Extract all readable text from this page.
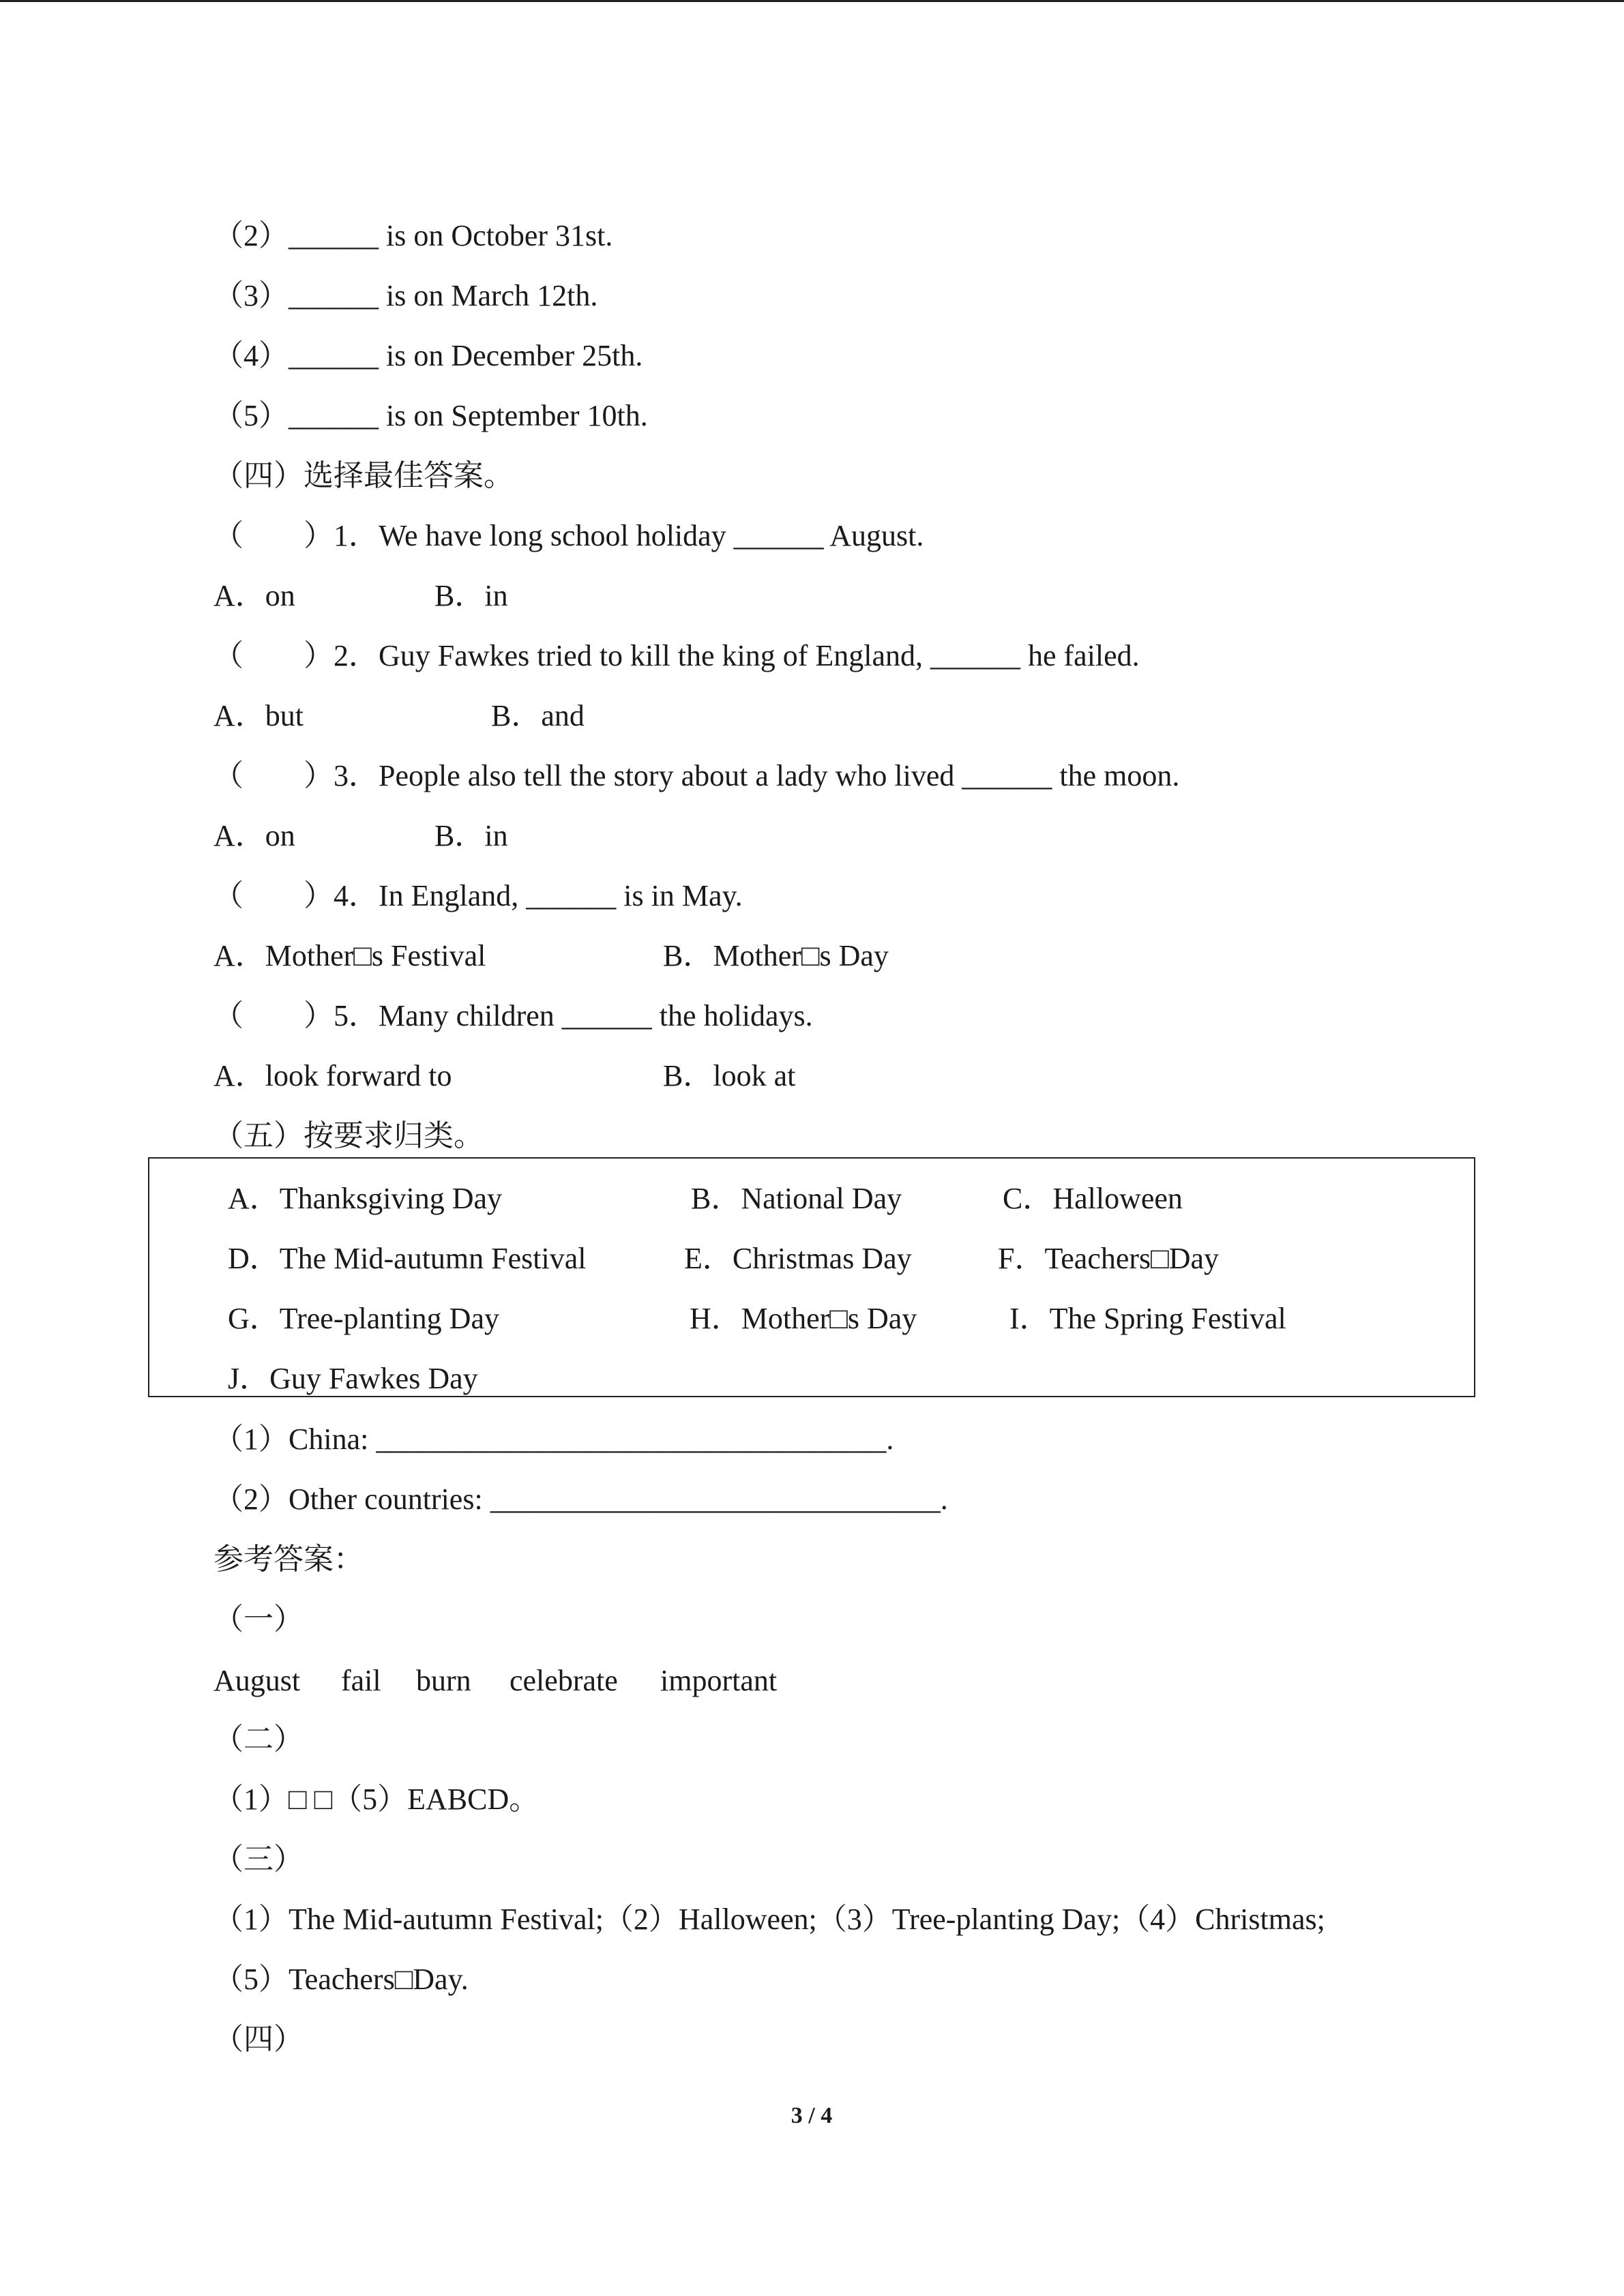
（2）______ is on October 31st.
（3）______ is on March 12th.
（4）______ is on December 25th.
（5）______ is on September 10th.
（四）选择最佳答案。
（　　）1．We have long school holiday ______ August.
A．on	B．in
（　　）2．Guy Fawkes tried to kill the king of England, ______ he failed.
A．but	B．and
（　　）3．People also tell the story about a lady who lived ______ the moon.
A．on	B．in
（　　）4．In England, ______ is in May.
A．Mother□s Festival	B．Mother□s Day
（　　）5．Many children ______ the holidays.
A．look forward to	B．look at
（五）按要求归类。
A．Thanksgiving Day	B．National Day	C．Halloween
D．The Mid-autumn Festival	E．Christmas Day	F．Teachers□Day
G．Tree-planting Day	H．Mother□s Day	I．The Spring Festival
J．Guy Fawkes Day
（1）China: __________________________________.
（2）Other countries: ______________________________.
参考答案：
（一）
August fail burn celebrate important
（二）
（1）□ □（5）EABCD。
（三）
（1）The Mid-autumn Festival;（2）Halloween;（3）Tree-planting Day;（4）Christmas;
（5）Teachers□Day.
（四）
3 / 4
